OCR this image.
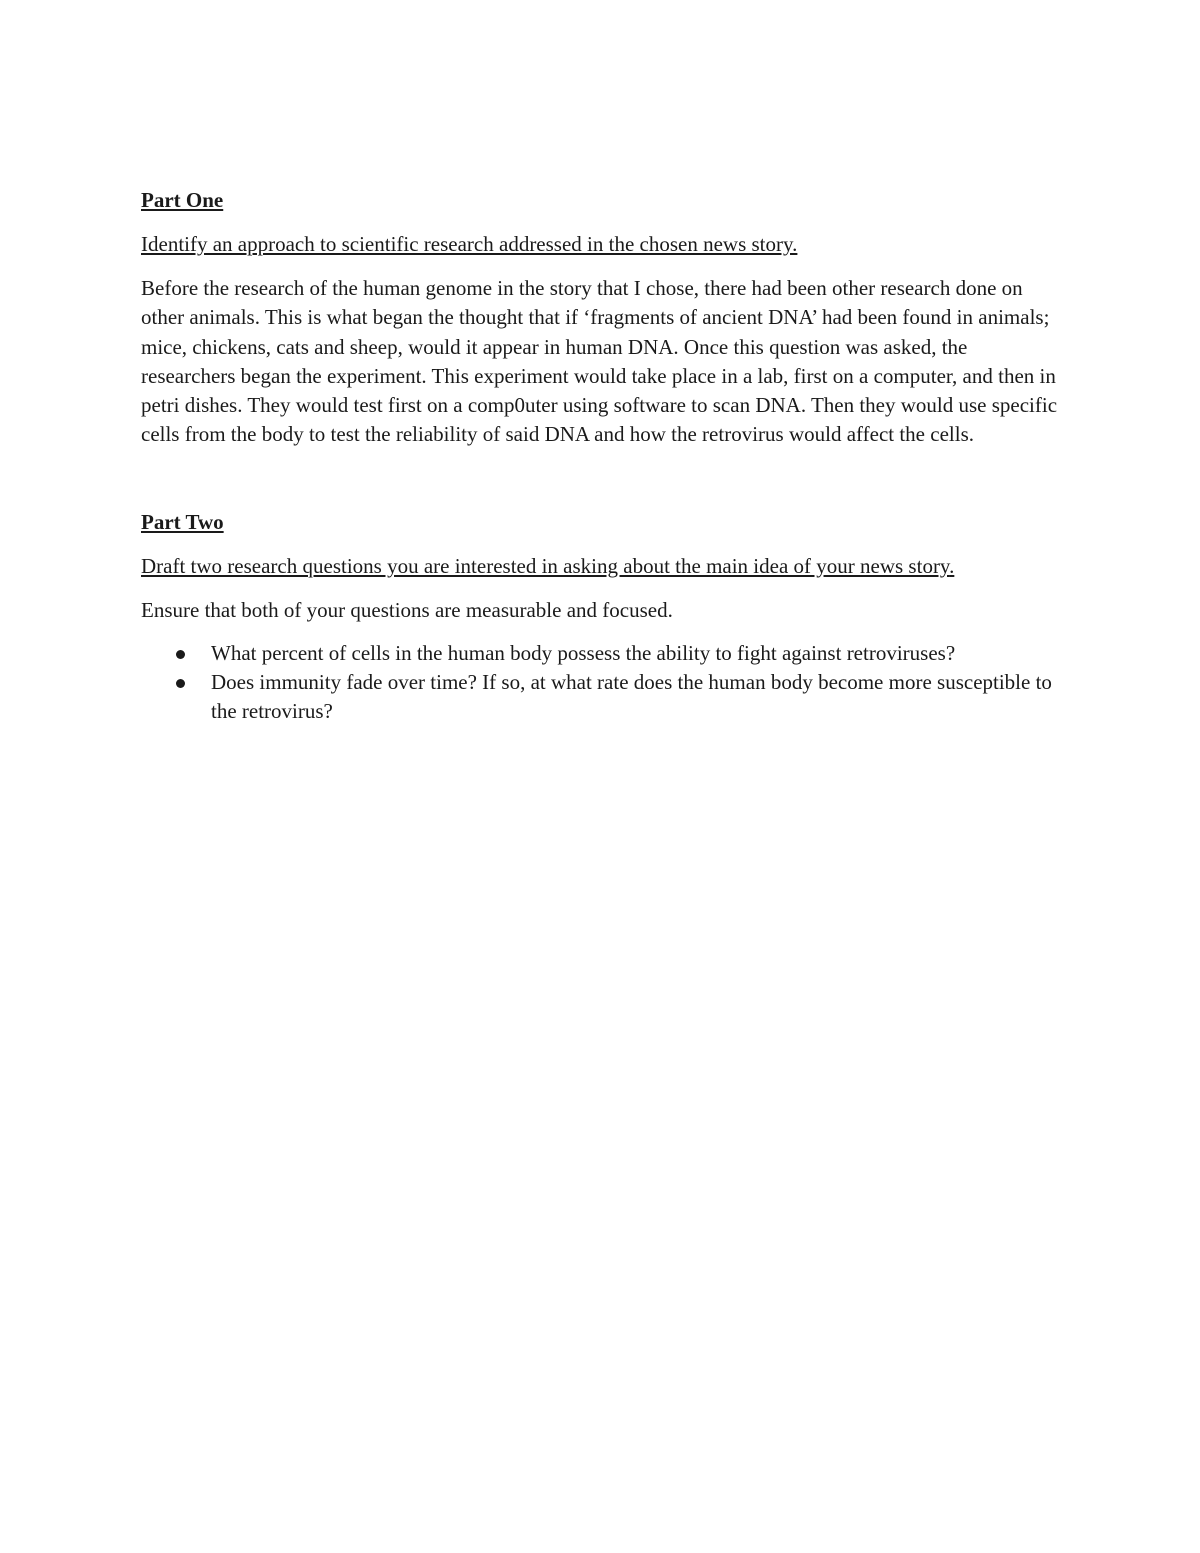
Part One

Identify an approach to scientific research addressed in the chosen news story.

Before the research of the human genome in the story that I chose, there had been other research done on other animals. This is what began the thought that if ‘fragments of ancient DNA’ had been found in animals; mice, chickens, cats and sheep, would it appear in human DNA. Once this question was asked, the researchers began the experiment. This experiment would take place in a lab, first on a computer, and then in petri dishes. They would test first on a comp0uter using software to scan DNA. Then they would use specific cells from the body to test the reliability of said DNA and how the retrovirus would affect the cells.

Part Two

Draft two research questions you are interested in asking about the main idea of your news story.

Ensure that both of your questions are measurable and focused.

What percent of cells in the human body possess the ability to fight against retroviruses?
Does immunity fade over time? If so, at what rate does the human body become more susceptible to the retrovirus?
